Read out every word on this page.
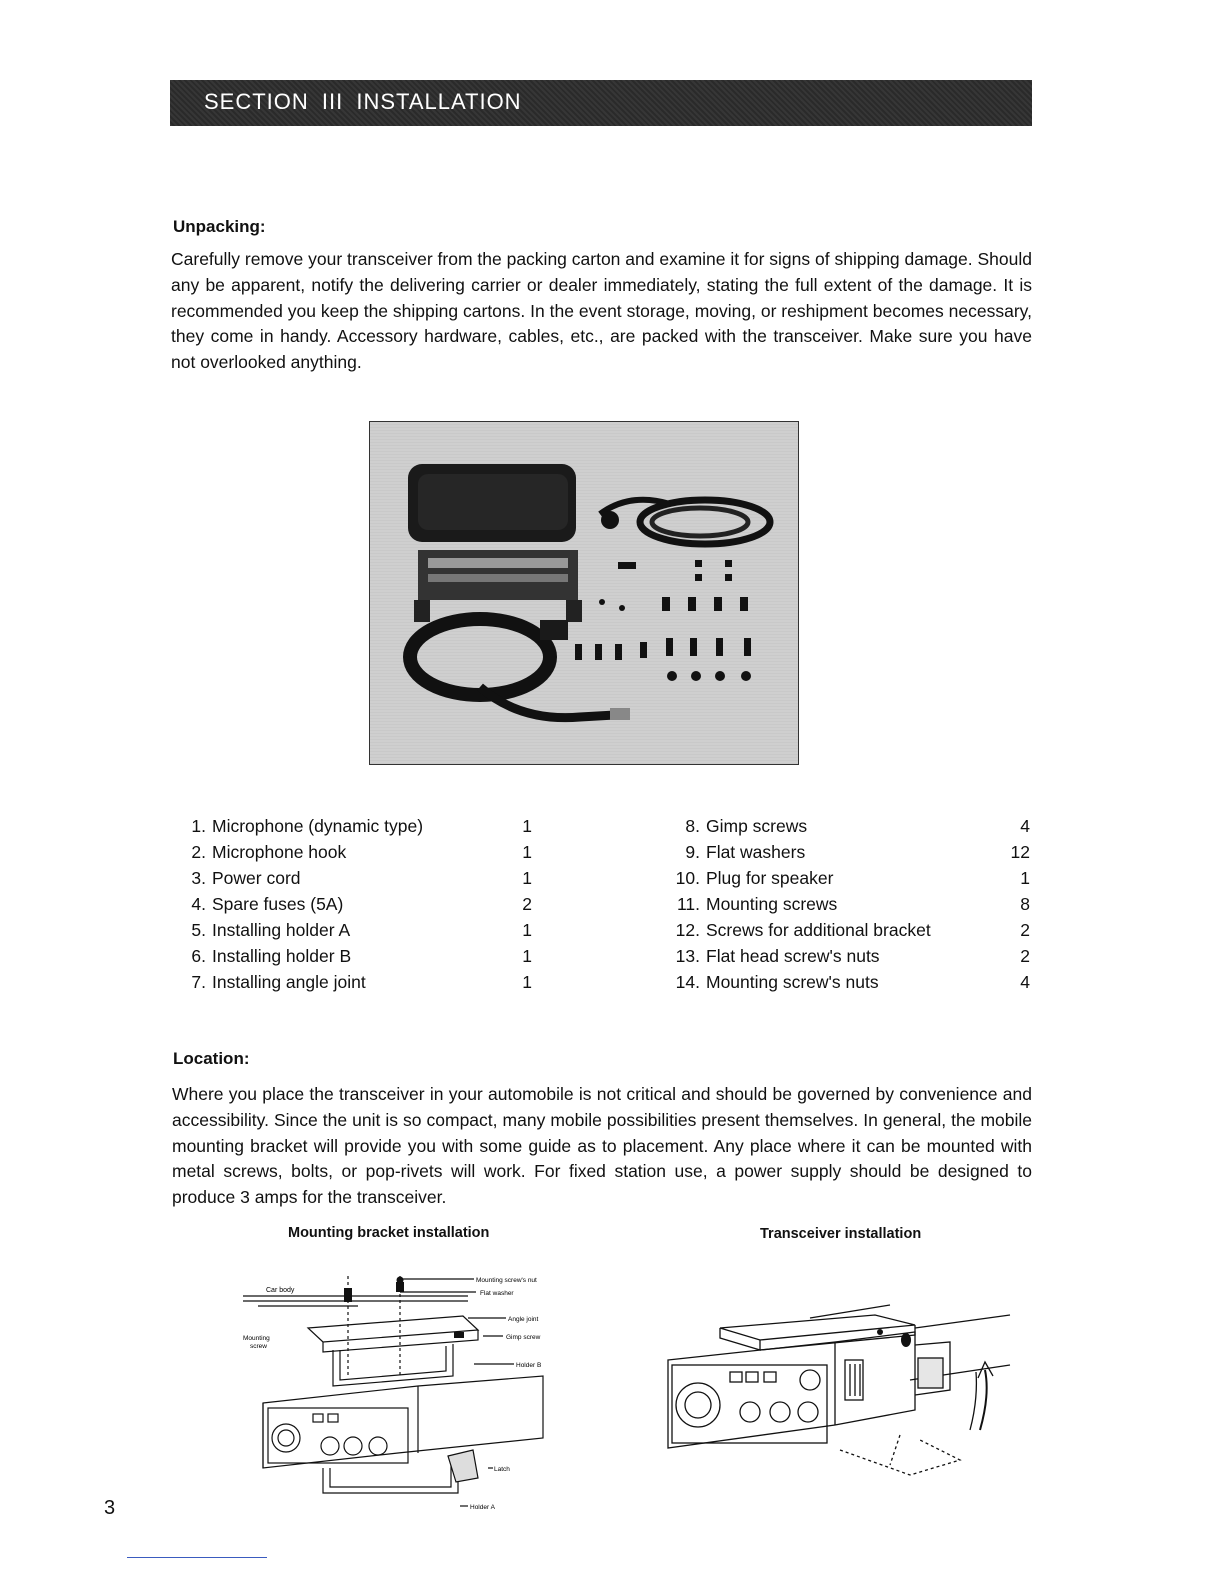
SECTION III INSTALLATION
Unpacking:

Carefully remove your transceiver from the packing carton and examine it for signs of shipping damage. Should any be apparent, notify the delivering carrier or dealer immediately, stating the full extent of the damage. It is recommended you keep the shipping cartons. In the event storage, moving, or reshipment becomes necessary, they come in handy. Accessory hardware, cables, etc., are packed with the transceiver. Make sure you have not overlooked anything.

1. Microphone (dynamic type)	1
2. Microphone hook	1
3. Power cord	1
4. Spare fuses (5A)	2
5. Installing holder A	1
6. Installing holder B	1
7. Installing angle joint	1
8. Gimp screws	4
9. Flat washers	12
10. Plug for speaker	1
11. Mounting screws	8
12. Screws for additional bracket	2
13. Flat head screw's nuts	2
14. Mounting screw's nuts	4
Location:

Where you place the transceiver in your automobile is not critical and should be governed by convenience and accessibility. Since the unit is so compact, many mobile possibilities present themselves. In general, the mobile mounting bracket will provide you with some guide as to placement. Any place where it can be mounted with metal screws, bolts, or pop-rivets will work. For fixed station use, a power supply should be designed to produce 3 amps for the transceiver.

Mounting bracket installation	Transceiver installation
Car body
Mounting screw's nut
Flat washer
Angle joint
Gimp screw
Mounting
screw
Holder B
Latch
Holder A
3
